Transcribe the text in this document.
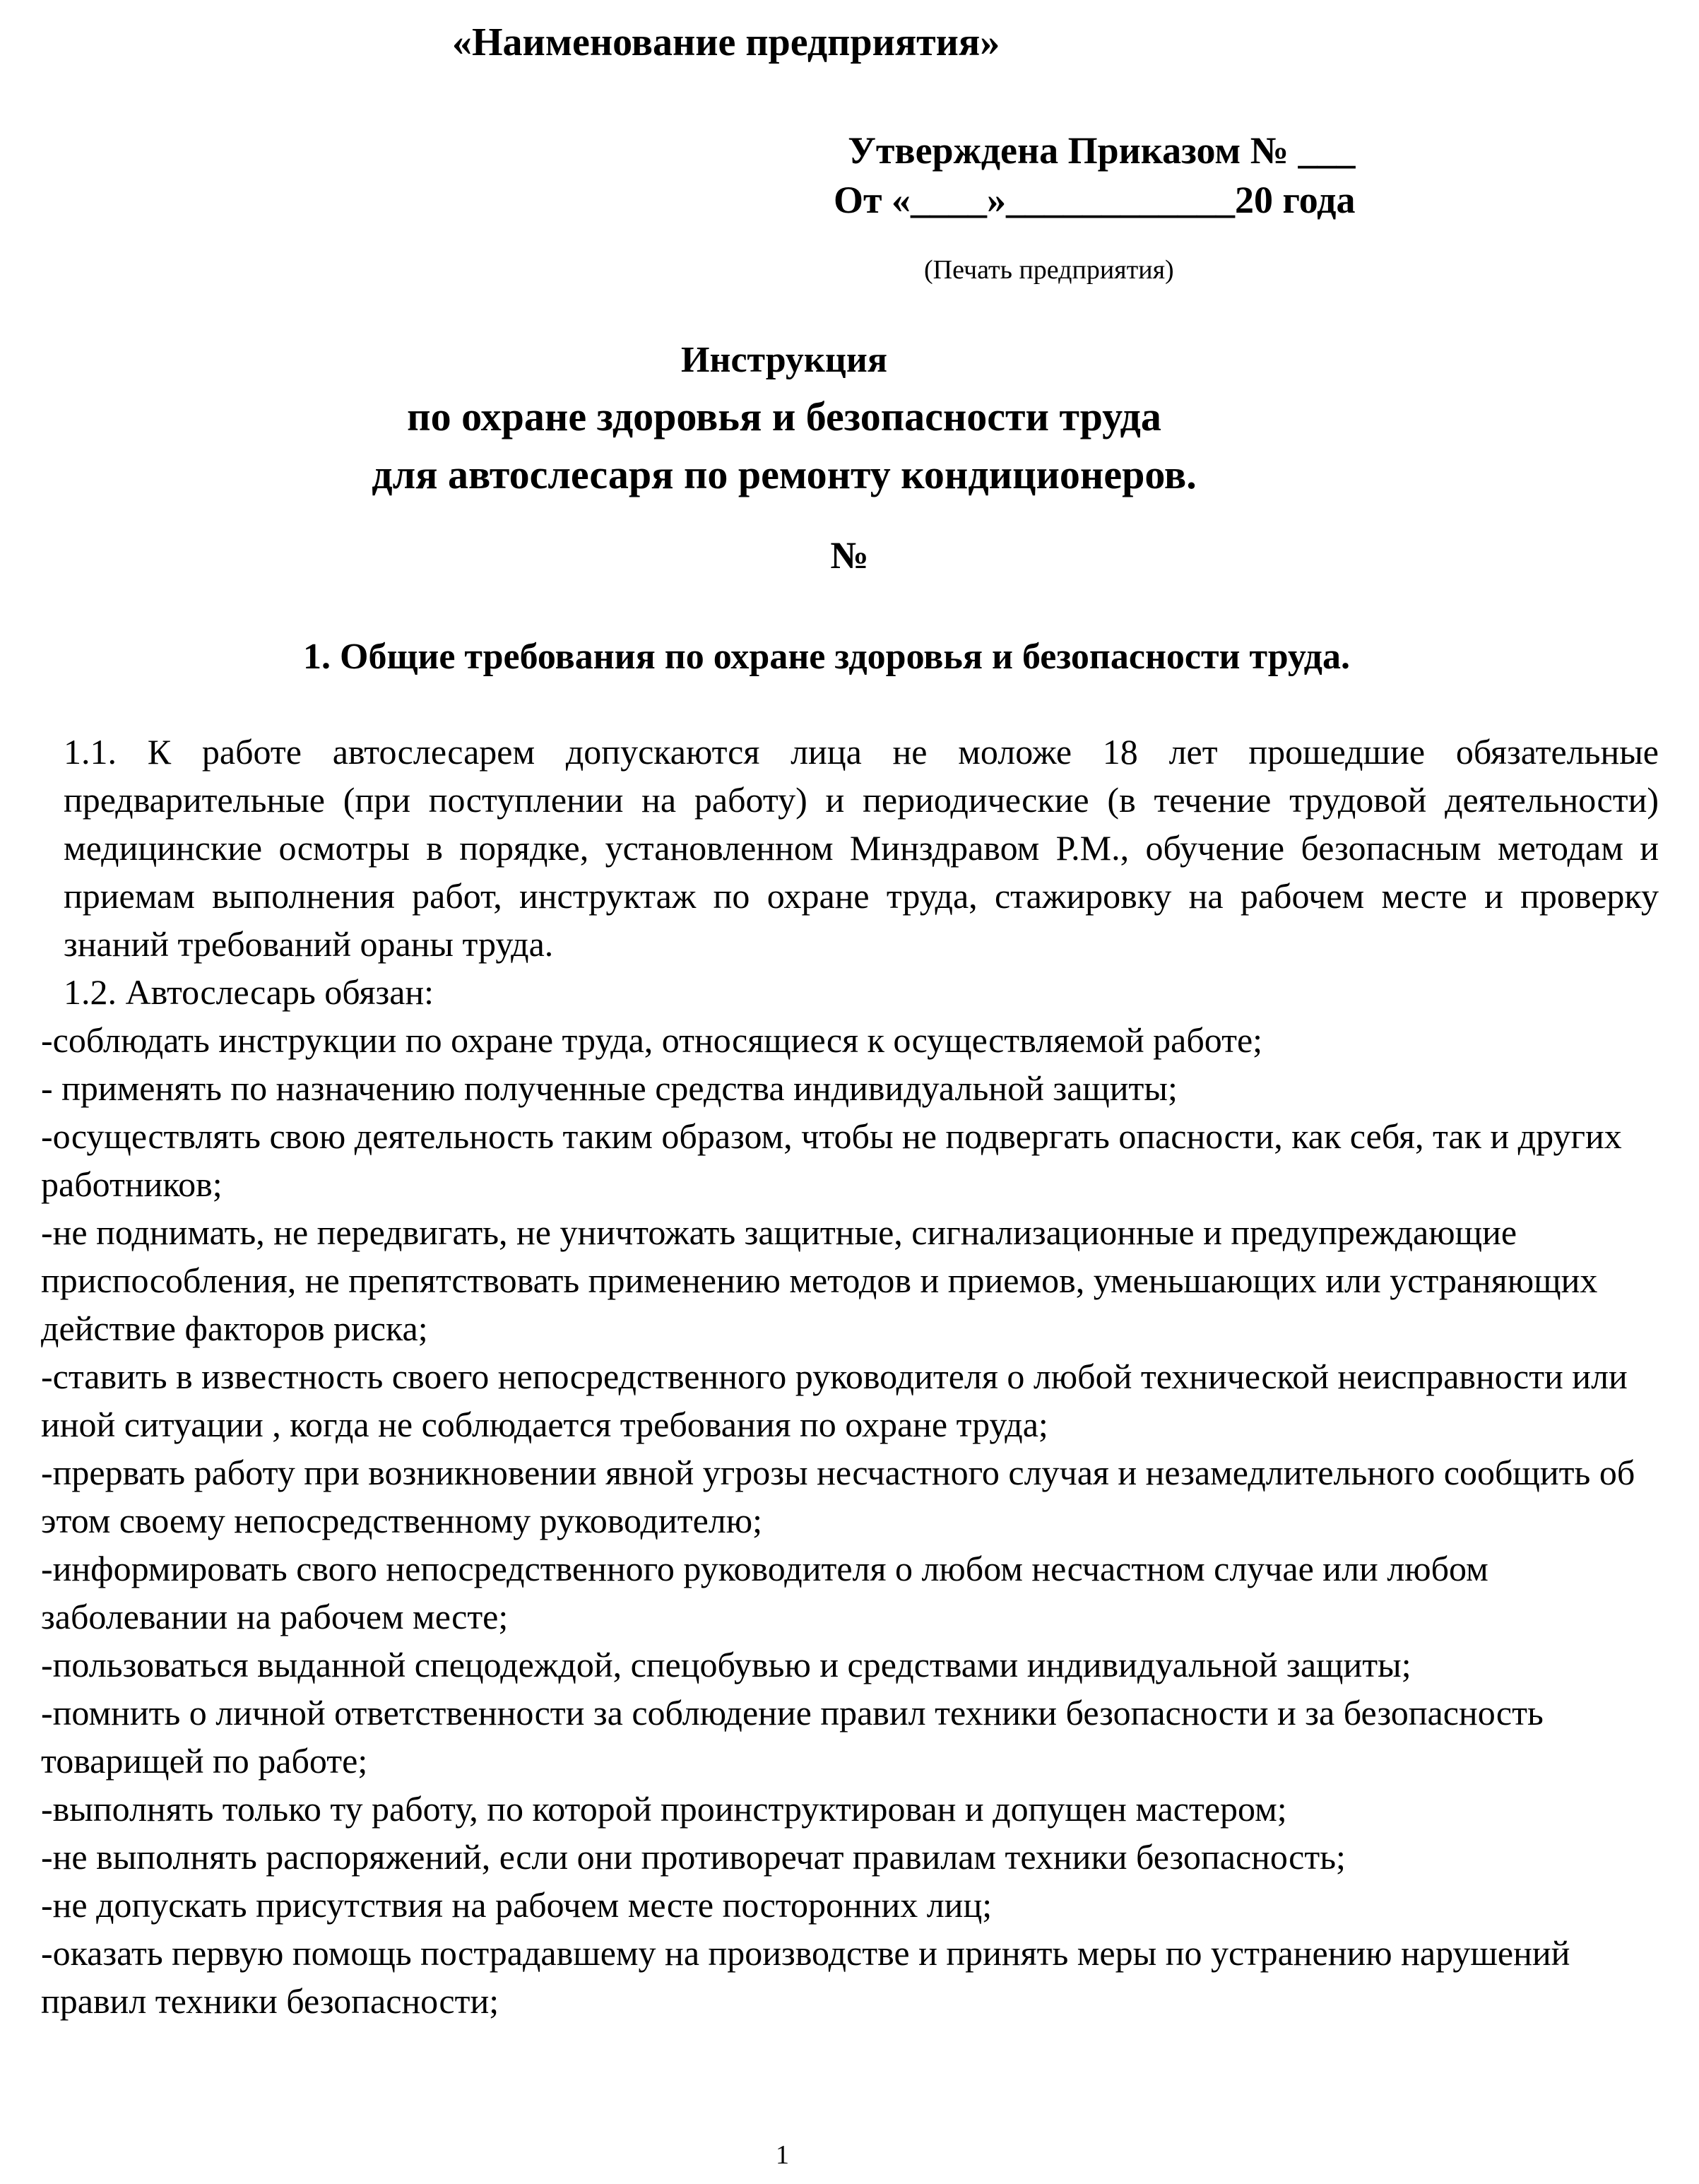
«Наименование предприятия»
Утверждена Приказом № ___
От «____»____________20 года
(Печать предприятия)
Инструкция
по охране здоровья и безопасности труда
для автослесаря по ремонту кондиционеров.
№
1. Общие требования по охране здоровья и безопасности труда.

1.1. К работе автослесарем допускаются лица не моложе 18 лет прошедшие обязательные предварительные (при поступлении на работу) и периодические (в течение трудовой деятельности) медицинские осмотры в порядке, установленном Минздравом Р.М., обучение безопасным методам и приемам выполнения работ, инструктаж по охране труда, стажировку на рабочем месте и проверку знаний требований ораны труда.

1.2. Автослесарь обязан:

-соблюдать инструкции по охране труда, относящиеся к осуществляемой работе;

- применять по назначению полученные средства индивидуальной защиты;

-осуществлять свою деятельность таким образом, чтобы не подвергать опасности, как себя, так и других работников;

-не поднимать, не передвигать, не уничтожать защитные, сигнализационные и предупреждающие приспособления, не препятствовать применению методов и приемов, уменьшающих или устраняющих действие факторов риска;

-ставить в известность своего непосредственного руководителя о любой технической неисправности или иной ситуации , когда не соблюдается требования по охране труда;

-прервать работу при возникновении явной угрозы несчастного случая и незамедлительного сообщить об этом своему непосредственному руководителю;

-информировать свого непосредственного руководителя о любом несчастном случае или любом заболевании на рабочем месте;

-пользоваться выданной спецодеждой, спецобувью и средствами индивидуальной защиты;

-помнить о личной ответственности за соблюдение правил техники безопасности и за безопасность товарищей по работе;

-выполнять только ту работу, по которой проинструктирован и допущен мастером;

-не выполнять распоряжений, если они противоречат правилам техники безопасность;

-не допускать присутствия на рабочем месте посторонних лиц;

-оказать первую помощь пострадавшему на производстве и принять меры по устранению нарушений правил техники безопасности;

1
